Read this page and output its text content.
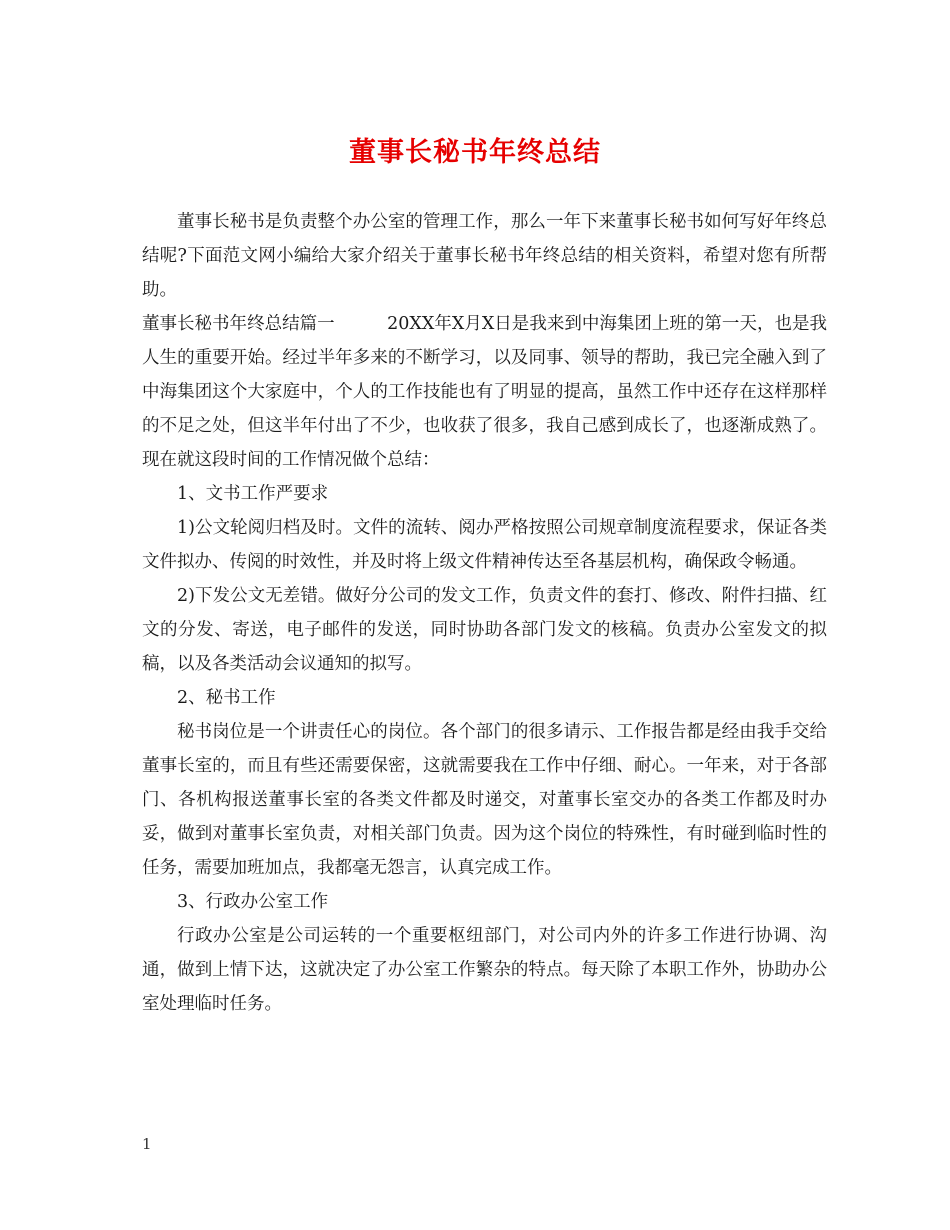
董事长秘书年终总结

董事长秘书是负责整个办公室的管理工作，那么一年下来董事长秘书如何写好年终总结呢?下面范文网小编给大家介绍关于董事长秘书年终总结的相关资料，希望对您有所帮助。

董事长秘书年终总结篇一　　　20XX年X月X日是我来到中海集团上班的第一天，也是我人生的重要开始。经过半年多来的不断学习，以及同事、领导的帮助，我已完全融入到了中海集团这个大家庭中，个人的工作技能也有了明显的提高，虽然工作中还存在这样那样的不足之处，但这半年付出了不少，也收获了很多，我自己感到成长了，也逐渐成熟了。现在就这段时间的工作情况做个总结：

1、文书工作严要求

1)公文轮阅归档及时。文件的流转、阅办严格按照公司规章制度流程要求，保证各类文件拟办、传阅的时效性，并及时将上级文件精神传达至各基层机构，确保政令畅通。

2)下发公文无差错。做好分公司的发文工作，负责文件的套打、修改、附件扫描、红文的分发、寄送，电子邮件的发送，同时协助各部门发文的核稿。负责办公室发文的拟稿，以及各类活动会议通知的拟写。

2、秘书工作

秘书岗位是一个讲责任心的岗位。各个部门的很多请示、工作报告都是经由我手交给董事长室的，而且有些还需要保密，这就需要我在工作中仔细、耐心。一年来，对于各部门、各机构报送董事长室的各类文件都及时递交，对董事长室交办的各类工作都及时办妥，做到对董事长室负责，对相关部门负责。因为这个岗位的特殊性，有时碰到临时性的任务，需要加班加点，我都毫无怨言，认真完成工作。

3、行政办公室工作

行政办公室是公司运转的一个重要枢纽部门，对公司内外的许多工作进行协调、沟通，做到上情下达，这就决定了办公室工作繁杂的特点。每天除了本职工作外，协助办公室处理临时任务。

1
